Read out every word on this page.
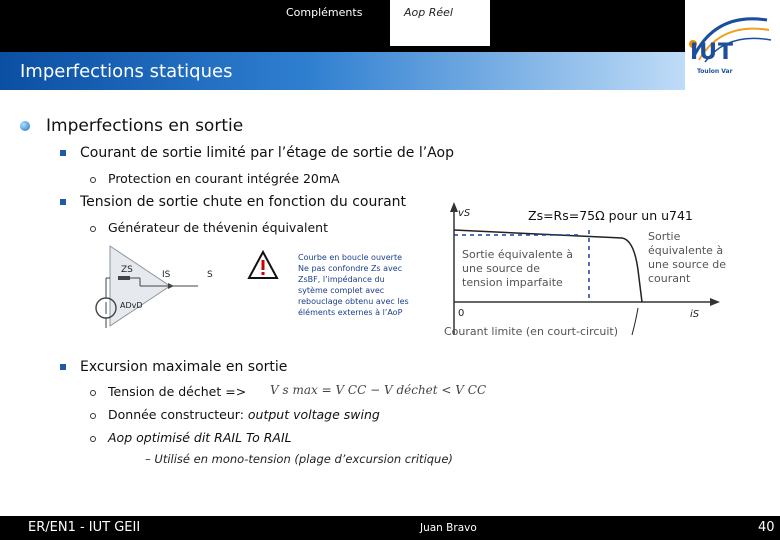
Compléments	Aop Réel
IUT
Toulon Var
Imperfections statiques
Imperfections en sortie
Courant de sortie limité par l’étage de sortie de l’Aop
Protection en courant intégrée 20mA
Tension de sortie chute en fonction du courant
Générateur de thévenin équivalent
ZS	IS	S
ADvD
Courbe en boucle ouverte
Ne pas confondre Zs avec
ZsBF, l’impédance du
sytème complet avec
rebouclage obtenu avec les
éléments externes à l’AoP
Zs=Rs=75Ω pour un u741
vS
iS
0
Sortie équivalente à
une source de
tension imparfaite
Sortie
équivalente à
une source de
courant
Courant limite (en court-circuit)
Excursion maximale en sortie
Tension de déchet => V s max = V CC − V déchet < V CC
Donnée constructeur: output voltage swing
Aop optimisé dit RAIL To RAIL
– Utilisé en mono-tension (plage d’excursion critique)
ER/EN1 - IUT GEII	Juan Bravo	40
